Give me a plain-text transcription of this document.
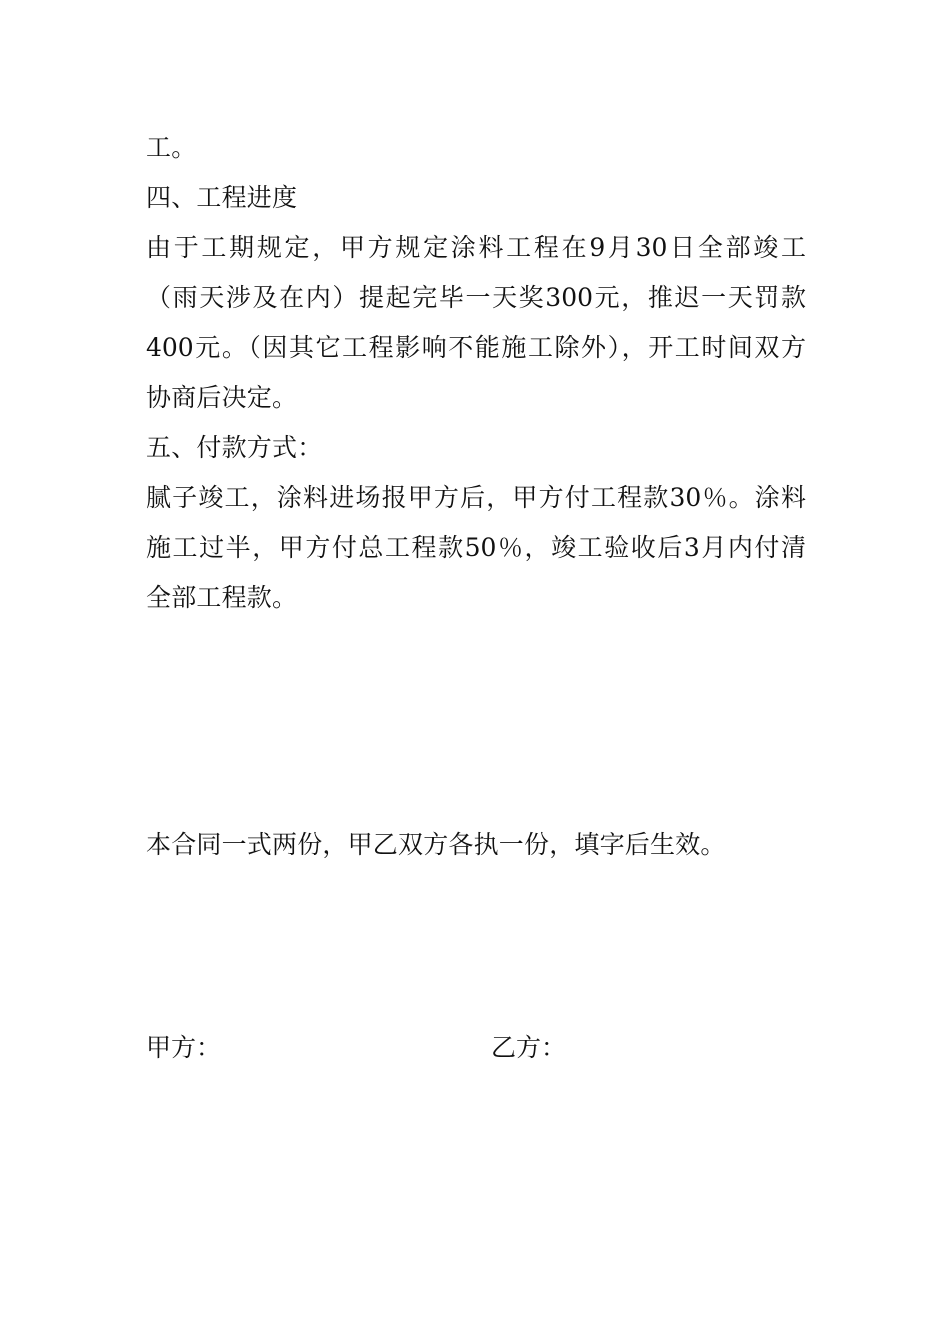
工。
四、工程进度
由于工期规定，甲方规定涂料工程在9月30日全部竣工
（雨天涉及在内）提起完毕一天奖300元，推迟一天罚款
400元。（因其它工程影响不能施工除外），开工时间双方
协商后决定。
五、付款方式：
腻子竣工，涂料进场报甲方后，甲方付工程款30％。涂料
施工过半，甲方付总工程款50％，竣工验收后3月内付清
全部工程款。
本合同一式两份，甲乙双方各执一份，填字后生效。
甲方：	乙方：
